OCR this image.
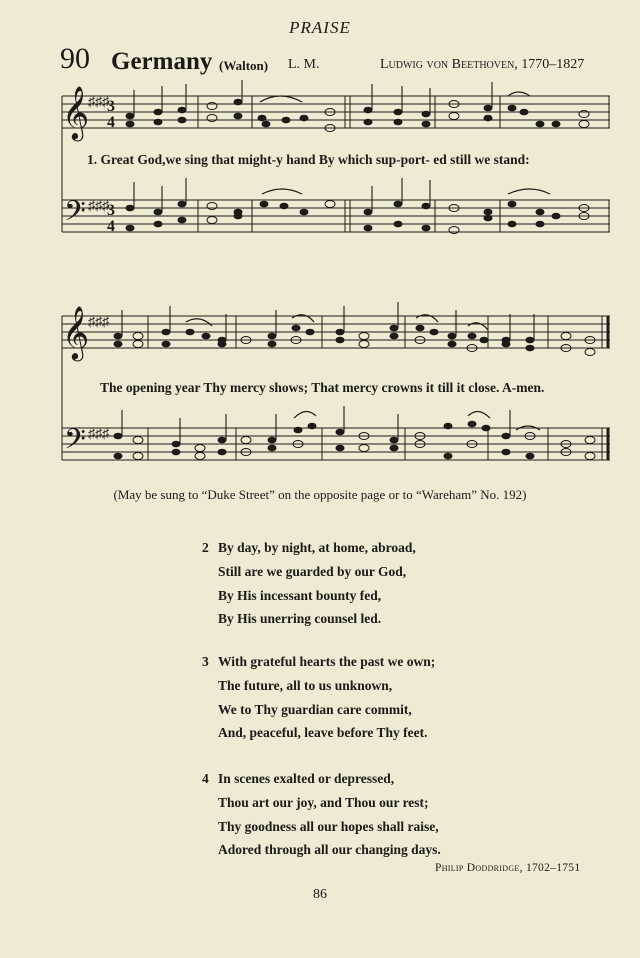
PRAISE
90 Germany (Walton) L. M.	Ludwig von Beethoven, 1770–1827
𝄞
𝄢
♯♯♯
♯♯♯
3
4
3
4
1. Great God,we sing that might-y hand By which sup-port- ed still we stand:
𝄞
𝄢
♯♯♯
♯♯♯
The opening year Thy mercy shows; That mercy crowns it till it close. A-men.
(May be sung to “Duke Street” on the opposite page or to “Wareham” No. 192)
2 By day, by night, at home, abroad,
Still are we guarded by our God,
By His incessant bounty fed,
By His unerring counsel led.
3 With grateful hearts the past we own;
The future, all to us unknown,
We to Thy guardian care commit,
And, peaceful, leave before Thy feet.
4 In scenes exalted or depressed,
Thou art our joy, and Thou our rest;
Thy goodness all our hopes shall raise,
Adored through all our changing days.
Philip Doddridge, 1702–1751
86
